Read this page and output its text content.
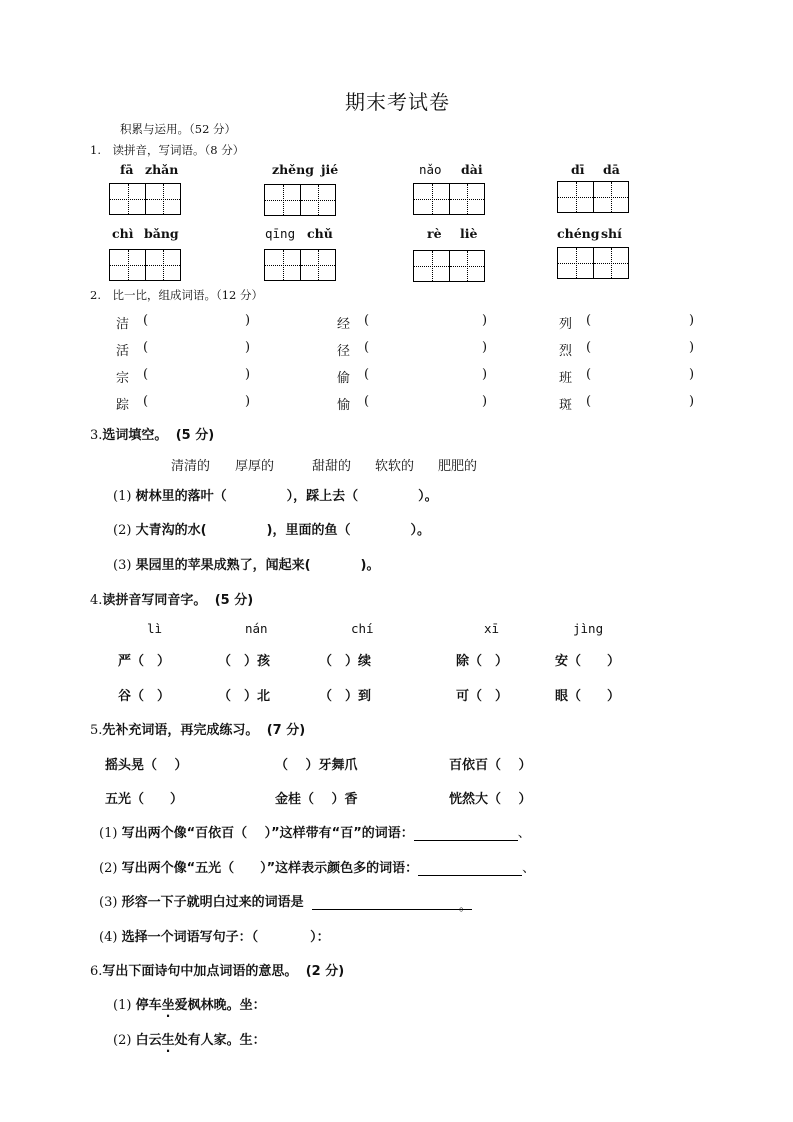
期末考试卷
积累与运用。（52 分）
1.　读拼音，写词语。（8 分）
fā zhǎn	zhěng jié	nǎo dài	dī dā
chì bǎng	qīng chǔ	rè liè	chéng shí
2.　比一比，组成词语。（12 分）
洁 (	)	经 (	)	列 (	)
活 (	)	径 (	)	烈 (	)
宗 (	)	偷 (	)	班 (	)
踪 (	)	愉 (	)	斑 (	)
3.选词填空。 (5 分)
清清的 厚厚的	甜甜的 软软的 肥肥的
(1) 树林里的落叶（	），踩上去（	）。
(2) 大青沟的水(	)，里面的鱼（	）。
(3) 果园里的苹果成熟了，闻起来(	)。
4.读拼音写同音字。 (5 分)
lì	nán	chí	xī	jìng
严（　）	（　）孩	（　）续	除（　）	安（　　）
谷（　）	（　）北	（　）到	可（　）	眼（　　）
5.先补充词语，再完成练习。 (7 分)
摇头晃（　 ）	（　 ）牙舞爪	百依百（　 ）
五光（　　）	金桂（　 ）香	恍然大（　 ）
(1) 写出两个像“百依百（　 ）”这样带有“百”的词语：	、
(2) 写出两个像“五光（　　）”这样表示颜色多的词语：	、
(3) 形容一下子就明白过来的词语是	。
(4) 选择一个词语写句子：（　　　　）：
6.写出下面诗句中加点词语的意思。 (2 分)
(1) 停车坐爱枫林晚。坐：
(2) 白云生处有人家。生：
